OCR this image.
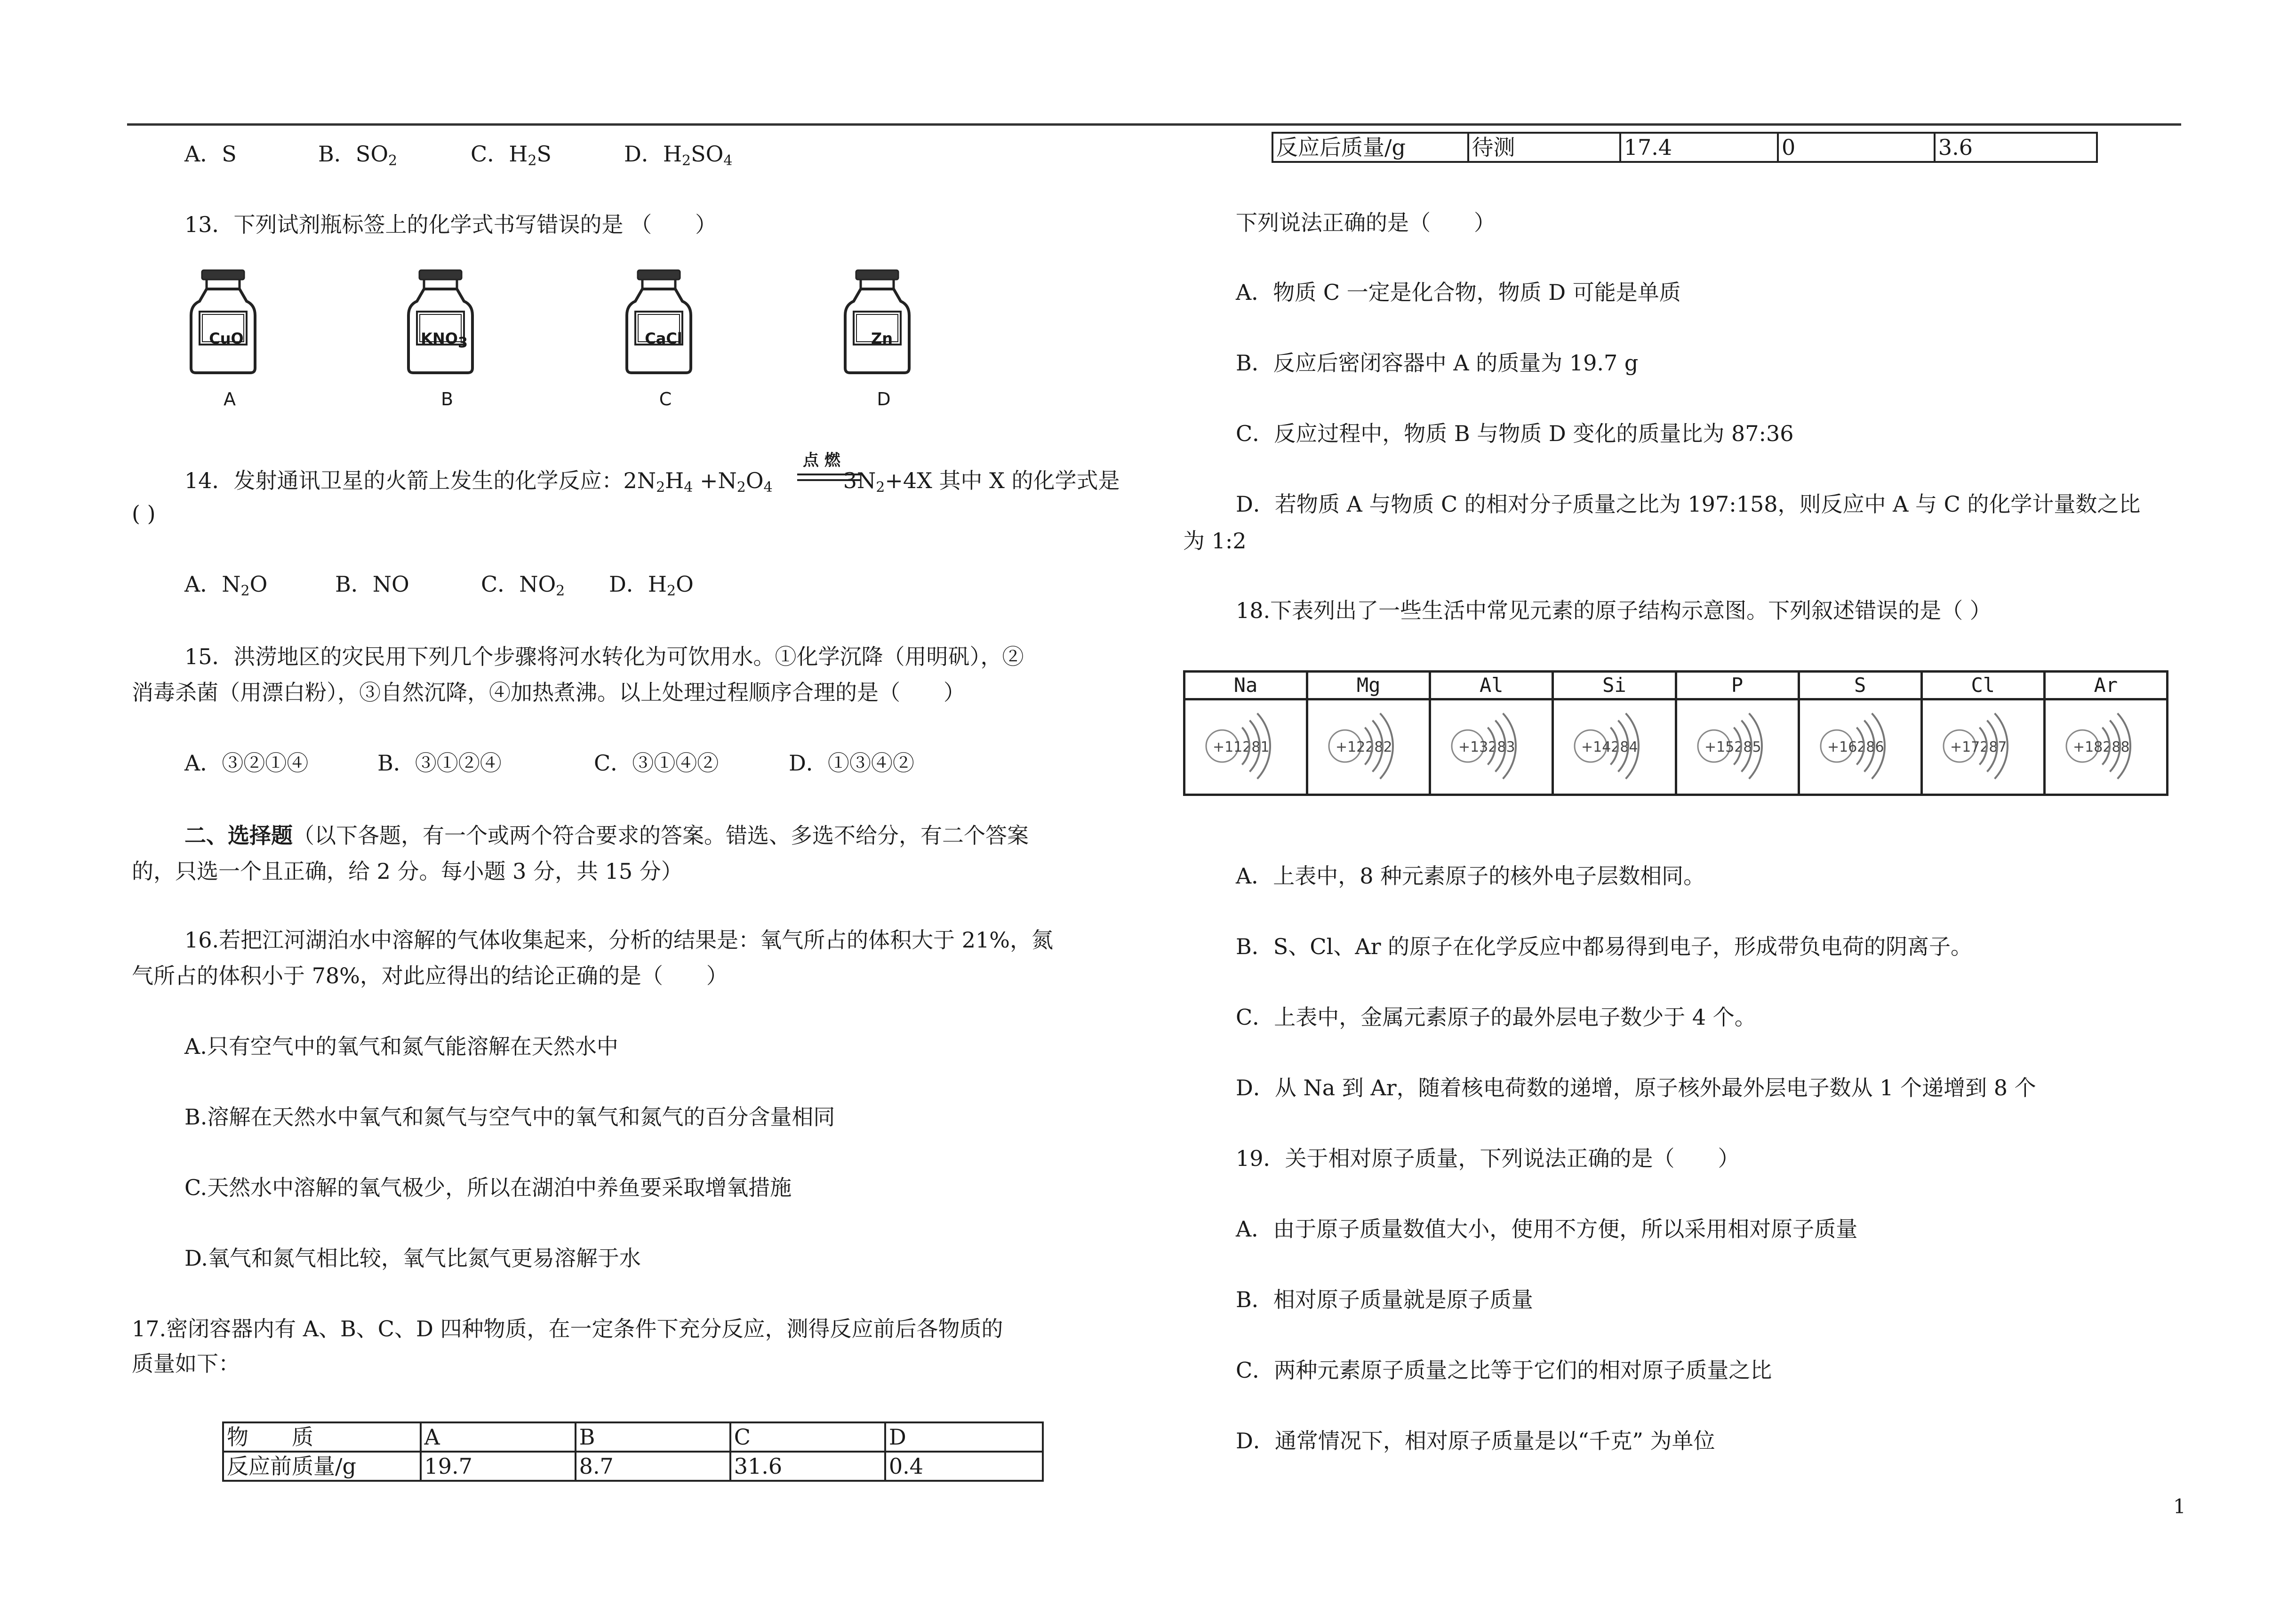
A．S	B．$SO_2$	C．$H_2S$	D．$H_2SO_4$
13．下列试剂瓶标签上的化学式书写错误的是 （　　）
CuO	$KNO_3$	CaCl	Zn
A	B	C	D
14．发射通讯卫星的火箭上发生的化学反应：$2N_2H_4 +N_2O_4$	$3N_2+4X$ 其中 X 的化学式是
点 燃
( )
A．$N_2O$	B．NO	C．$NO_2$ D．$H_2O$
15．洪涝地区的灾民用下列几个步骤将河水转化为可饮用水。①化学沉降（用明矾），②
消毒杀菌（用漂白粉），③自然沉降，④加热煮沸。以上处理过程顺序合理的是（　　）
A．③②①④	B．③①②④	C．③①④②	D．①③④②
二、选择题（以下各题，有一个或两个符合要求的答案。错选、多选不给分，有二个答案
的，只选一个且正确，给 2 分。每小题 3 分，共 15 分）
16.若把江河湖泊水中溶解的气体收集起来，分析的结果是：氧气所占的体积大于 21%，氮
气所占的体积小于 78%，对此应得出的结论正确的是（　　）
A.只有空气中的氧气和氮气能溶解在天然水中
B.溶解在天然水中氧气和氮气与空气中的氧气和氮气的百分含量相同
C.天然水中溶解的氧气极少，所以在湖泊中养鱼要采取增氧措施
D.氧气和氮气相比较，氧气比氮气更易溶解于水
17.密闭容器内有 A、B、C、D 四种物质，在一定条件下充分反应，测得反应前后各物质的
质量如下：
物　　质	A	B	C	D
反应前质量/g	19.7	8.7	31.6	0.4
反应后质量/g	待测	17.4	0	3.6
下列说法正确的是（　　）
A．物质 C 一定是化合物，物质 D 可能是单质
B．反应后密闭容器中 A 的质量为 19.7 g
C．反应过程中，物质 B 与物质 D 变化的质量比为 87:36
D．若物质 A 与物质 C 的相对分子质量之比为 197:158，则反应中 A 与 C 的化学计量数之比
为 1:2
18.下表列出了一些生活中常见元素的原子结构示意图。下列叙述错误的是（ ）
Na	Mg	Al	Si	P	S	Cl	Ar

+11281	+12282	+13283	+14284	+15285	+16286	+17287	+18288
A．上表中，8 种元素原子的核外电子层数相同。
B．S、Cl、Ar 的原子在化学反应中都易得到电子，形成带负电荷的阴离子。
C．上表中，金属元素原子的最外层电子数少于 4 个。
D．从 Na 到 Ar，随着核电荷数的递增，原子核外最外层电子数从 1 个递增到 8 个
19．关于相对原子质量，下列说法正确的是（　　）
A．由于原子质量数值大小，使用不方便，所以采用相对原子质量
B．相对原子质量就是原子质量
C．两种元素原子质量之比等于它们的相对原子质量之比
D．通常情况下，相对原子质量是以“千克” 为单位
1
